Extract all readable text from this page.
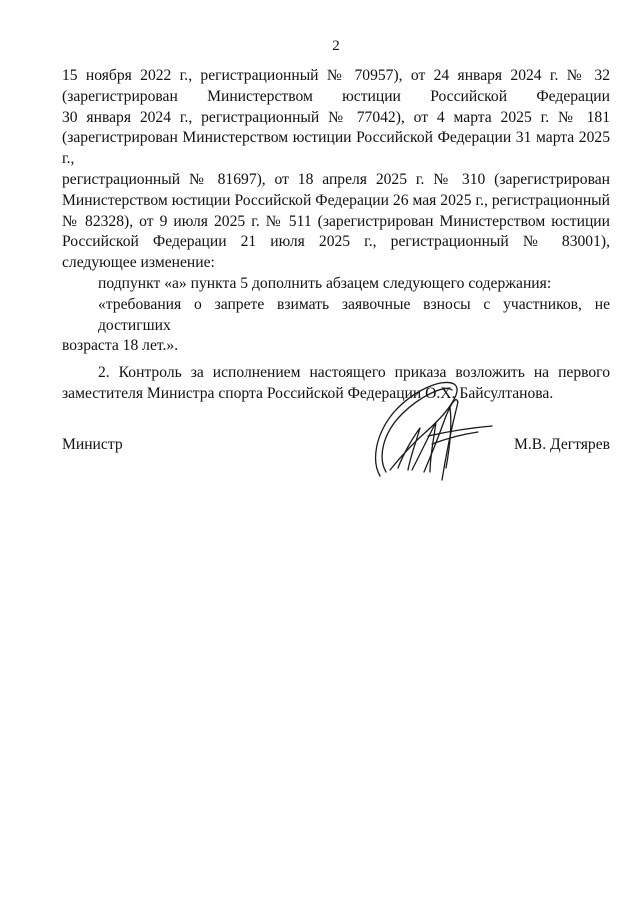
2

15 ноября 2022 г., регистрационный № 70957), от 24 января 2024 г. № 32
(зарегистрирован Министерством юстиции Российской Федерации
30 января 2024 г., регистрационный № 77042), от 4 марта 2025 г. № 181
(зарегистрирован Министерством юстиции Российской Федерации 31 марта 2025 г.,
регистрационный № 81697), от 18 апреля 2025 г. № 310 (зарегистрирован
Министерством юстиции Российской Федерации 26 мая 2025 г., регистрационный
№ 82328), от 9 июля 2025 г. № 511 (зарегистрирован Министерством юстиции
Российской Федерации 21 июля 2025 г., регистрационный № 83001),
следующее изменение:

подпункт «а» пункта 5 дополнить абзацем следующего содержания:

«требования о запрете взимать заявочные взносы с участников, не достигших
возраста 18 лет.».

2. Контроль за исполнением настоящего приказа возложить на первого
заместителя Министра спорта Российской Федерации О.Х. Байсултанова.

Министр	М.В. Дегтярев
